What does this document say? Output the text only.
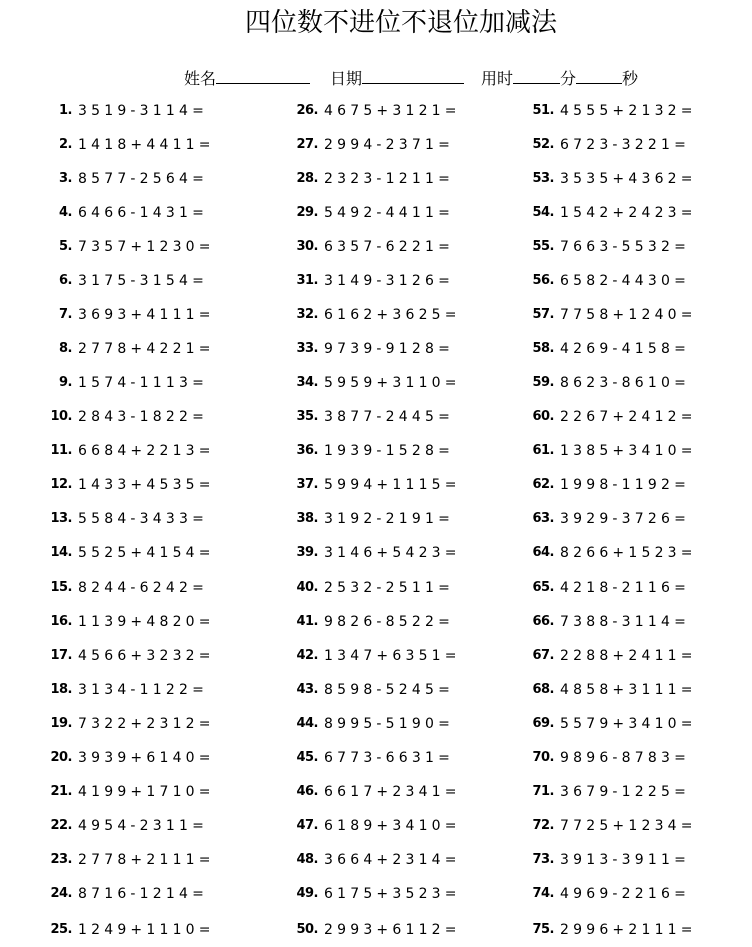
四位数不进位不退位加减法
姓名	日期	用时	分	秒
1. 3519-3114=
2. 1418+4411=
3. 8577-2564=
4. 6466-1431=
5. 7357+1230=
6. 3175-3154=
7. 3693+4111=
8. 2778+4221=
9. 1574-1113=
10. 2843-1822=
11. 6684+2213=
12. 1433+4535=
13. 5584-3433=
14. 5525+4154=
15. 8244-6242=
16. 1139+4820=
17. 4566+3232=
18. 3134-1122=
19. 7322+2312=
20. 3939+6140=
21. 4199+1710=
22. 4954-2311=
23. 2778+2111=
24. 8716-1214=
25. 1249+1110=
26. 4675+3121=
27. 2994-2371=
28. 2323-1211=
29. 5492-4411=
30. 6357-6221=
31. 3149-3126=
32. 6162+3625=
33. 9739-9128=
34. 5959+3110=
35. 3877-2445=
36. 1939-1528=
37. 5994+1115=
38. 3192-2191=
39. 3146+5423=
40. 2532-2511=
41. 9826-8522=
42. 1347+6351=
43. 8598-5245=
44. 8995-5190=
45. 6773-6631=
46. 6617+2341=
47. 6189+3410=
48. 3664+2314=
49. 6175+3523=
50. 2993+6112=
51. 4555+2132=
52. 6723-3221=
53. 3535+4362=
54. 1542+2423=
55. 7663-5532=
56. 6582-4430=
57. 7758+1240=
58. 4269-4158=
59. 8623-8610=
60. 2267+2412=
61. 1385+3410=
62. 1998-1192=
63. 3929-3726=
64. 8266+1523=
65. 4218-2116=
66. 7388-3114=
67. 2288+2411=
68. 4858+3111=
69. 5579+3410=
70. 9896-8783=
71. 3679-1225=
72. 7725+1234=
73. 3913-3911=
74. 4969-2216=
75. 2996+2111=
